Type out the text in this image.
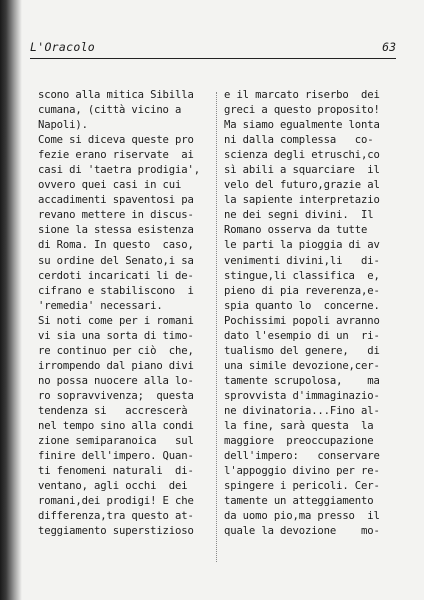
L'Oracolo	63
scono alla mitica Sibilla
cumana, (città vicino a
Napoli).
Come si diceva queste pro
fezie erano riservate  ai
casi di 'taetra prodigia',
ovvero quei casi in cui
accadimenti spaventosi pa
revano mettere in discus-
sione la stessa esistenza
di Roma. In questo  caso,
su ordine del Senato,i sa
cerdoti incaricati li de-
cifrano e stabiliscono  i
'remedia' necessari.
Si noti come per i romani
vi sia una sorta di timo-
re continuo per ciò  che,
irrompendo dal piano divi
no possa nuocere alla lo-
ro sopravvivenza;  questa
tendenza si   accrescerà
nel tempo sino alla condi
zione semiparanoica   sul
finire dell'impero. Quan-
ti fenomeni naturali  di-
ventano, agli occhi  dei
romani,dei prodigi! E che
differenza,tra questo at-
teggiamento superstizioso
e il marcato riserbo  dei
greci a questo proposito!
Ma siamo egualmente lonta
ni dalla complessa   co-
scienza degli etruschi,co
sì abili a squarciare  il
velo del futuro,grazie al
la sapiente interpretazio
ne dei segni divini.  Il
Romano osserva da tutte
le parti la pioggia di av
venimenti divini,li   di-
stingue,li classifica  e,
pieno di pia reverenza,e-
spia quanto lo  concerne.
Pochissimi popoli avranno
dato l'esempio di un  ri-
tualismo del genere,   di
una simile devozione,cer-
tamente scrupolosa,    ma
sprovvista d'immaginazio-
ne divinatoria...Fino al-
la fine, sarà questa  la
maggiore  preoccupazione
dell'impero:   conservare
l'appoggio divino per re-
spingere i pericoli. Cer-
tamente un atteggiamento
da uomo pio,ma presso  il
quale la devozione    mo-
